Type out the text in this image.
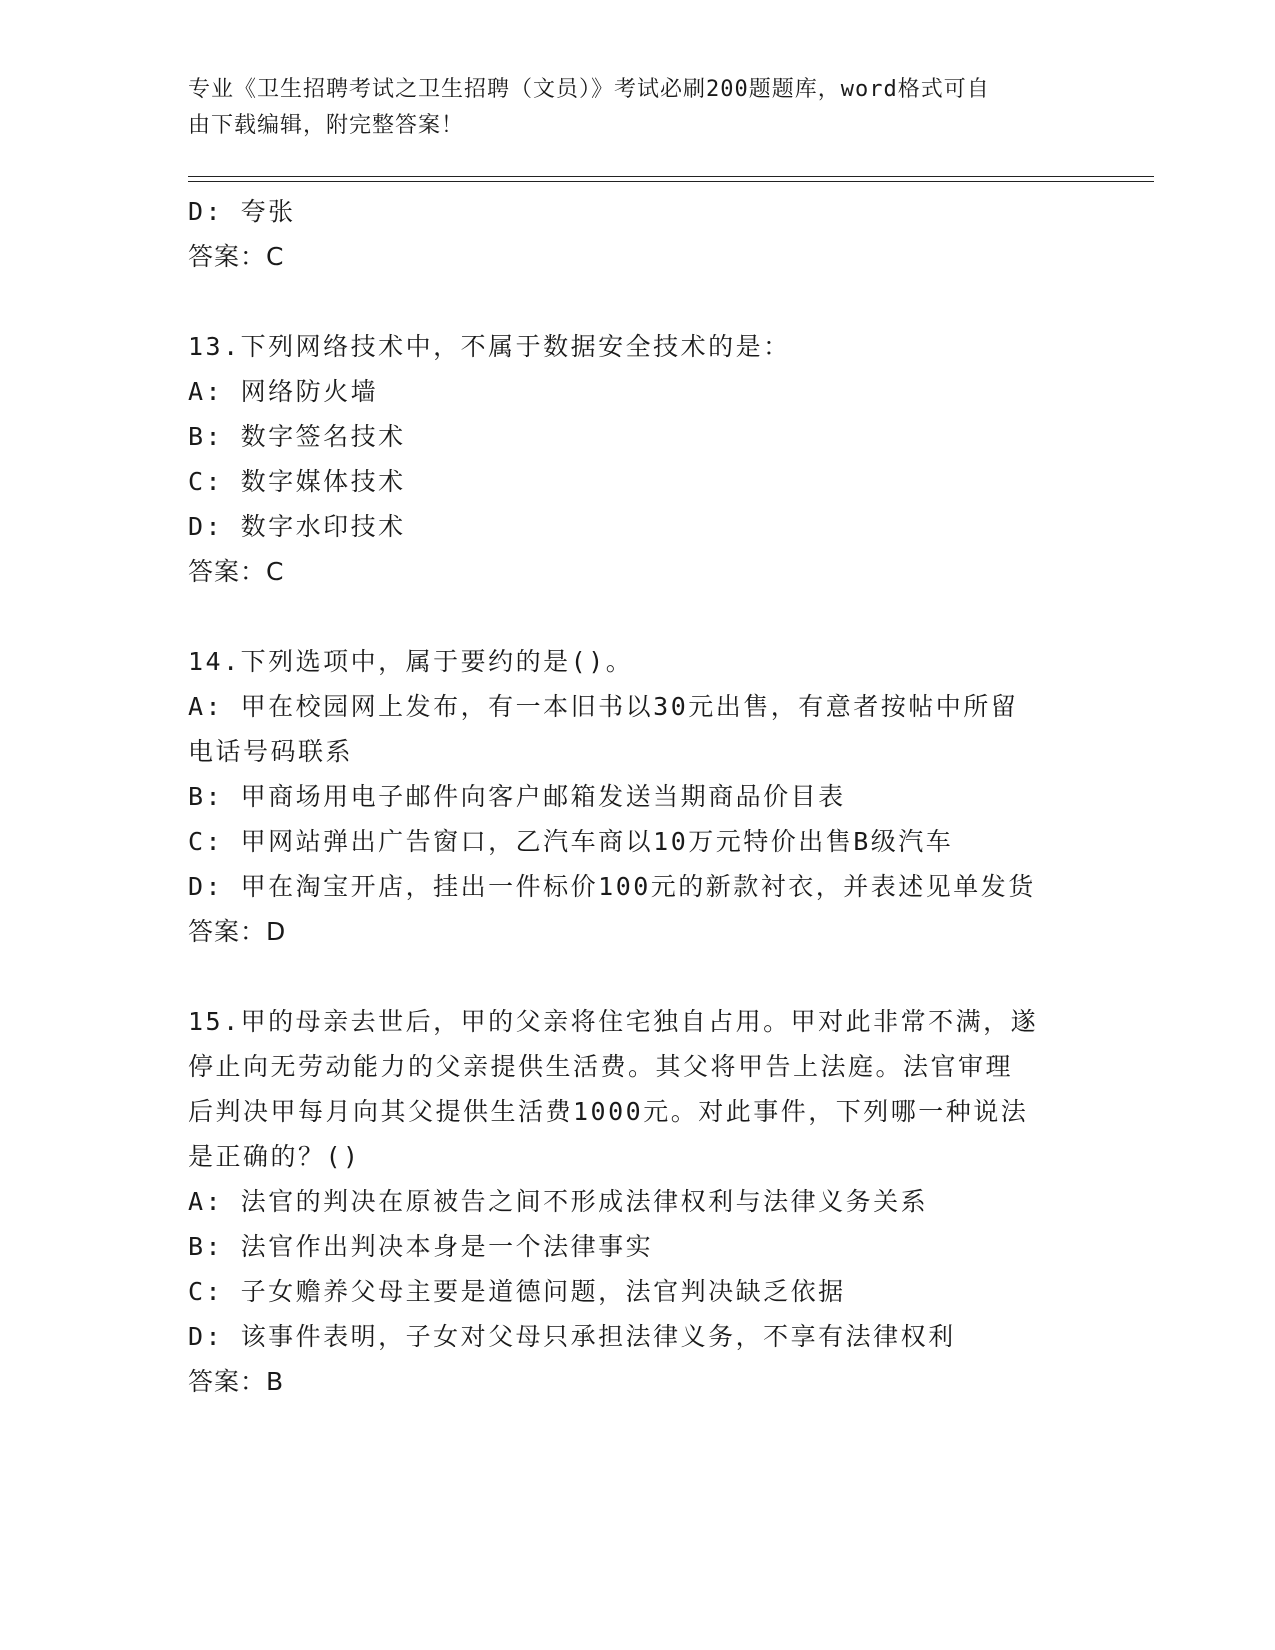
专业《卫生招聘考试之卫生招聘（文员）》考试必刷200题题库，word格式可自
由下载编辑，附完整答案！
D: 夸张
答案：C
13.下列网络技术中，不属于数据安全技术的是：
A: 网络防火墙
B: 数字签名技术
C: 数字媒体技术
D: 数字水印技术
答案：C
14.下列选项中，属于要约的是()。
A: 甲在校园网上发布，有一本旧书以30元出售，有意者按帖中所留
电话号码联系
B: 甲商场用电子邮件向客户邮箱发送当期商品价目表
C: 甲网站弹出广告窗口，乙汽车商以10万元特价出售B级汽车
D: 甲在淘宝开店，挂出一件标价100元的新款衬衣，并表述见单发货
答案：D
15.甲的母亲去世后，甲的父亲将住宅独自占用。甲对此非常不满，遂
停止向无劳动能力的父亲提供生活费。其父将甲告上法庭。法官审理
后判决甲每月向其父提供生活费1000元。对此事件，下列哪一种说法
是正确的？()
A: 法官的判决在原被告之间不形成法律权利与法律义务关系
B: 法官作出判决本身是一个法律事实
C: 子女赡养父母主要是道德问题，法官判决缺乏依据
D: 该事件表明，子女对父母只承担法律义务，不享有法律权利
答案：B
